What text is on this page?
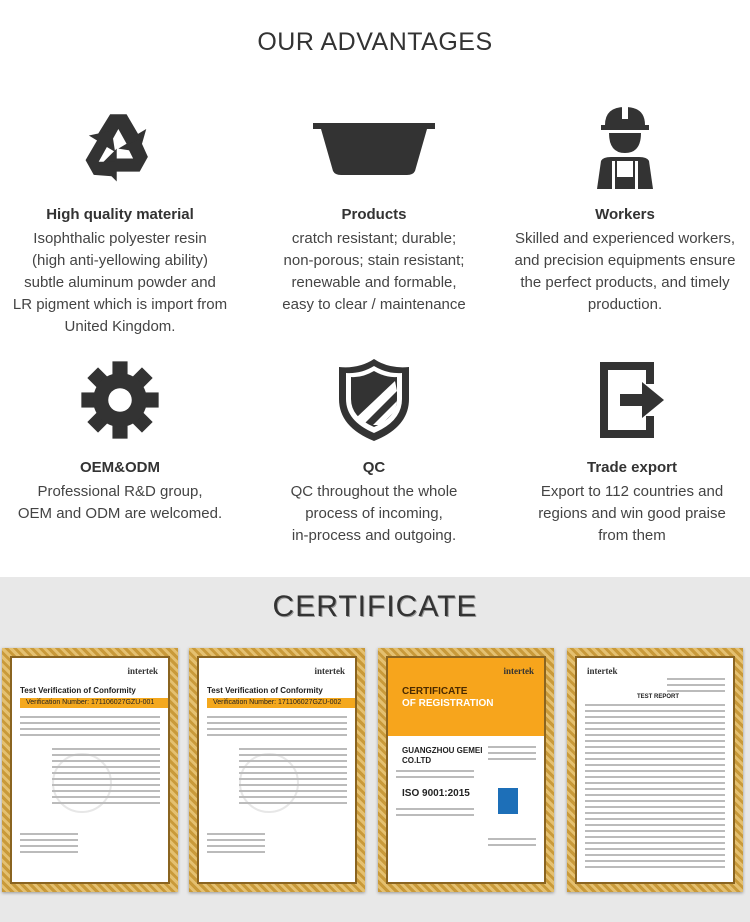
OUR ADVANTAGES
High quality material
Isophthalic polyester resin
(high anti-yellowing ability)
subtle aluminum powder and
LR pigment which is import from
United Kingdom.
Products
cratch resistant; durable;
non-porous; stain resistant;
renewable and formable,
easy to clear / maintenance
Workers
Skilled and experienced workers,
and precision equipments ensure
the perfect products, and timely
production.
OEM&ODM
Professional R&D group,
OEM and ODM are welcomed.
QC
QC throughout the whole
process of incoming,
in-process and outgoing.
Trade export
Export to 112 countries and
regions and win good praise
from them
CERTIFICATE
intertek
Test Verification of Conformity
Verification Number: 171106027GZU-001
intertek
Test Verification of Conformity
Verification Number: 171106027GZU-002
intertek
CERTIFICATE
OF REGISTRATION
GUANGZHOU GEMEI
CO.LTD
ISO 9001:2015
intertek
TEST REPORT
